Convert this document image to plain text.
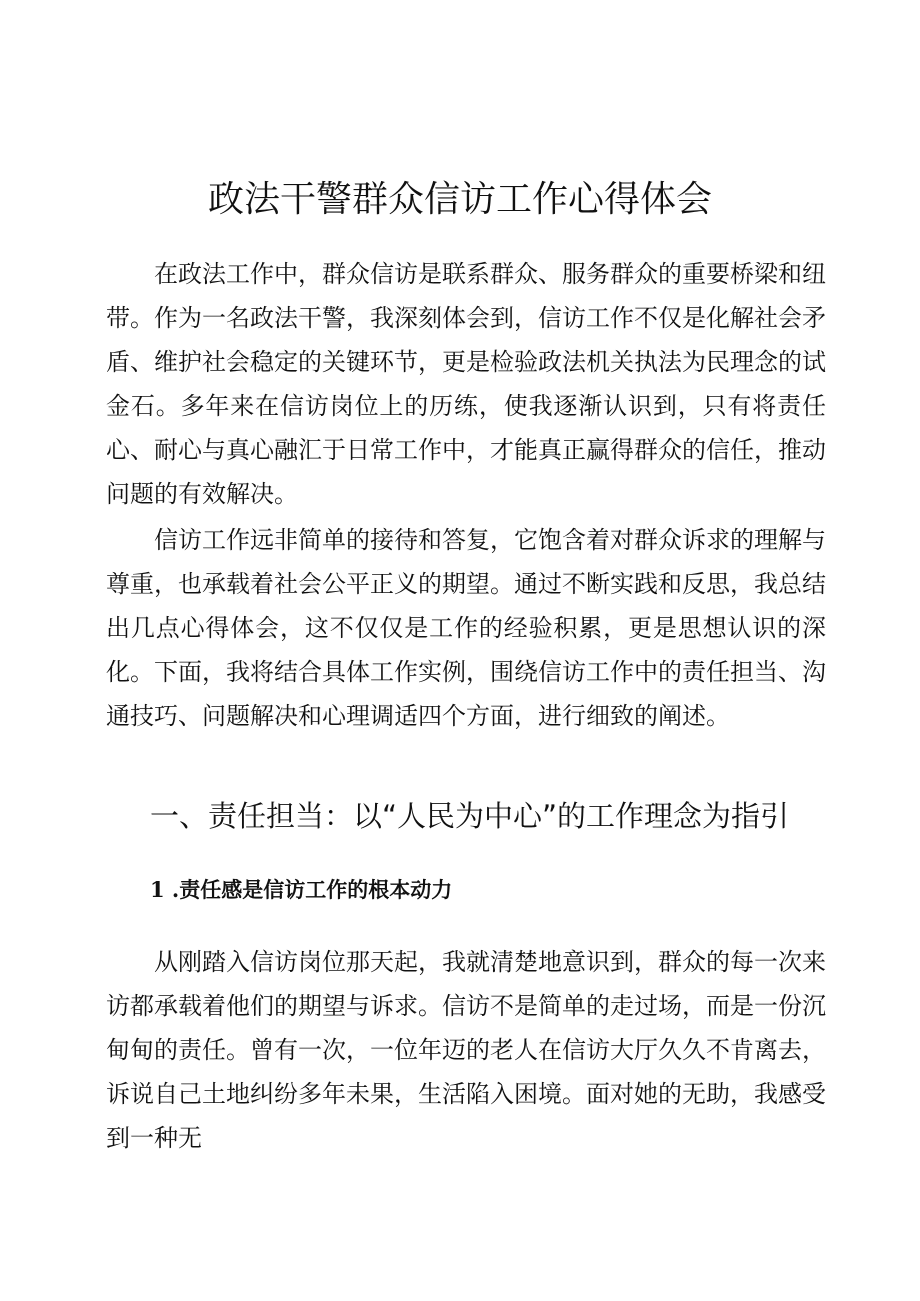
政法干警群众信访工作心得体会

在政法工作中，群众信访是联系群众、服务群众的重要桥梁和纽带。作为一名政法干警，我深刻体会到，信访工作不仅是化解社会矛盾、维护社会稳定的关键环节，更是检验政法机关执法为民理念的试金石。多年来在信访岗位上的历练，使我逐渐认识到，只有将责任心、耐心与真心融汇于日常工作中，才能真正赢得群众的信任，推动问题的有效解决。

信访工作远非简单的接待和答复，它饱含着对群众诉求的理解与尊重，也承载着社会公平正义的期望。通过不断实践和反思，我总结出几点心得体会，这不仅仅是工作的经验积累，更是思想认识的深化。下面，我将结合具体工作实例，围绕信访工作中的责任担当、沟通技巧、问题解决和心理调适四个方面，进行细致的阐述。

一、责任担当：以“人民为中心”的工作理念为指引
1 .责任感是信访工作的根本动力

从刚踏入信访岗位那天起，我就清楚地意识到，群众的每一次来访都承载着他们的期望与诉求。信访不是简单的走过场，而是一份沉甸甸的责任。曾有一次，一位年迈的老人在信访大厅久久不肯离去，诉说自己土地纠纷多年未果，生活陷入困境。面对她的无助，我感受到一种无
